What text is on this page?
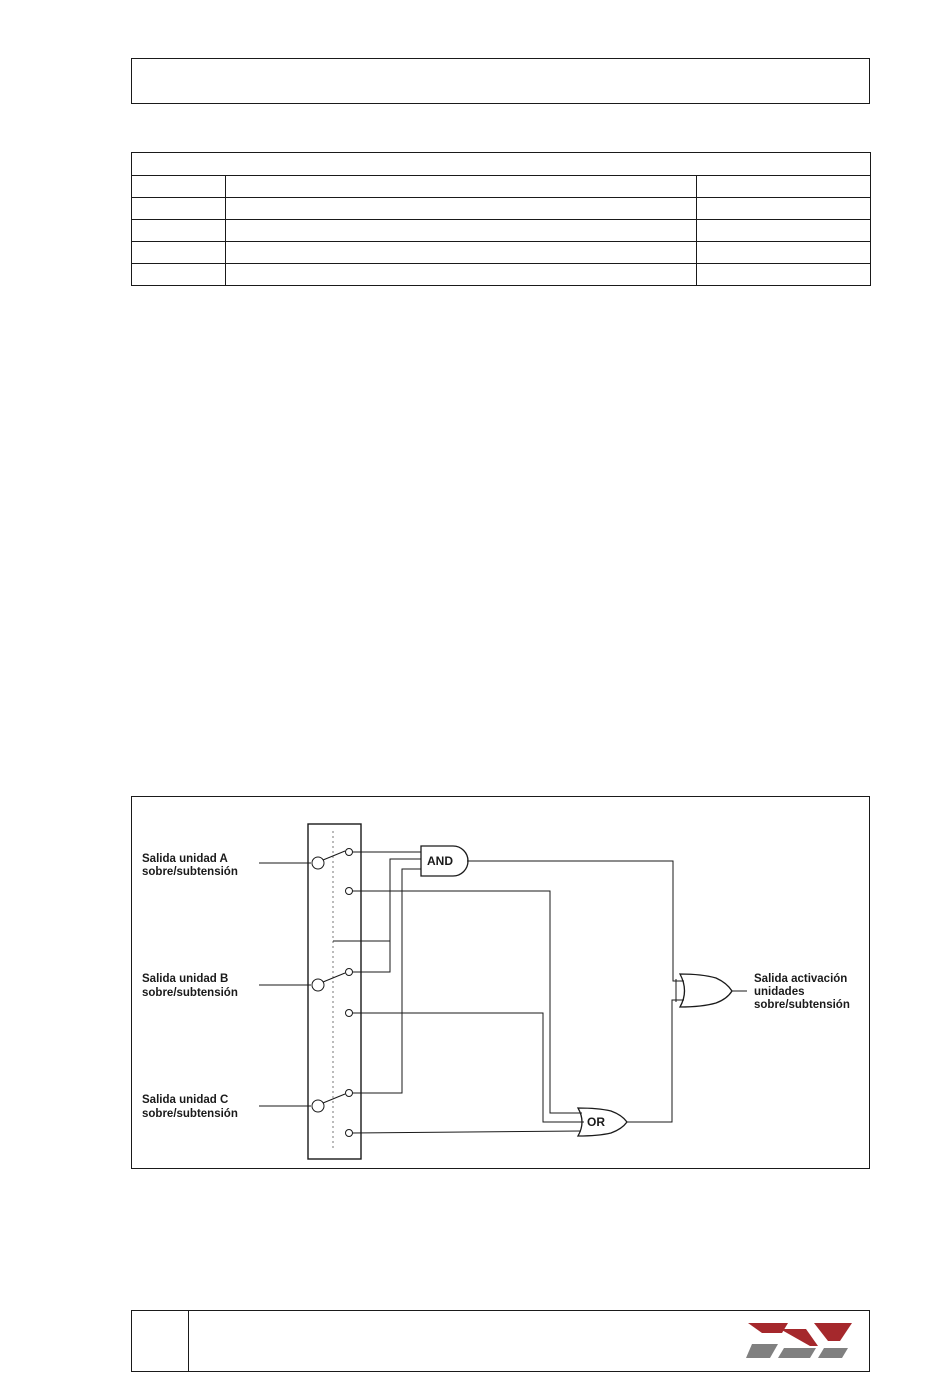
Salida unidad A
sobre/subtensión
Salida unidad B
sobre/subtensión
Salida unidad C
sobre/subtensión
AND
OR
Salida activación
unidades
sobre/subtensión
